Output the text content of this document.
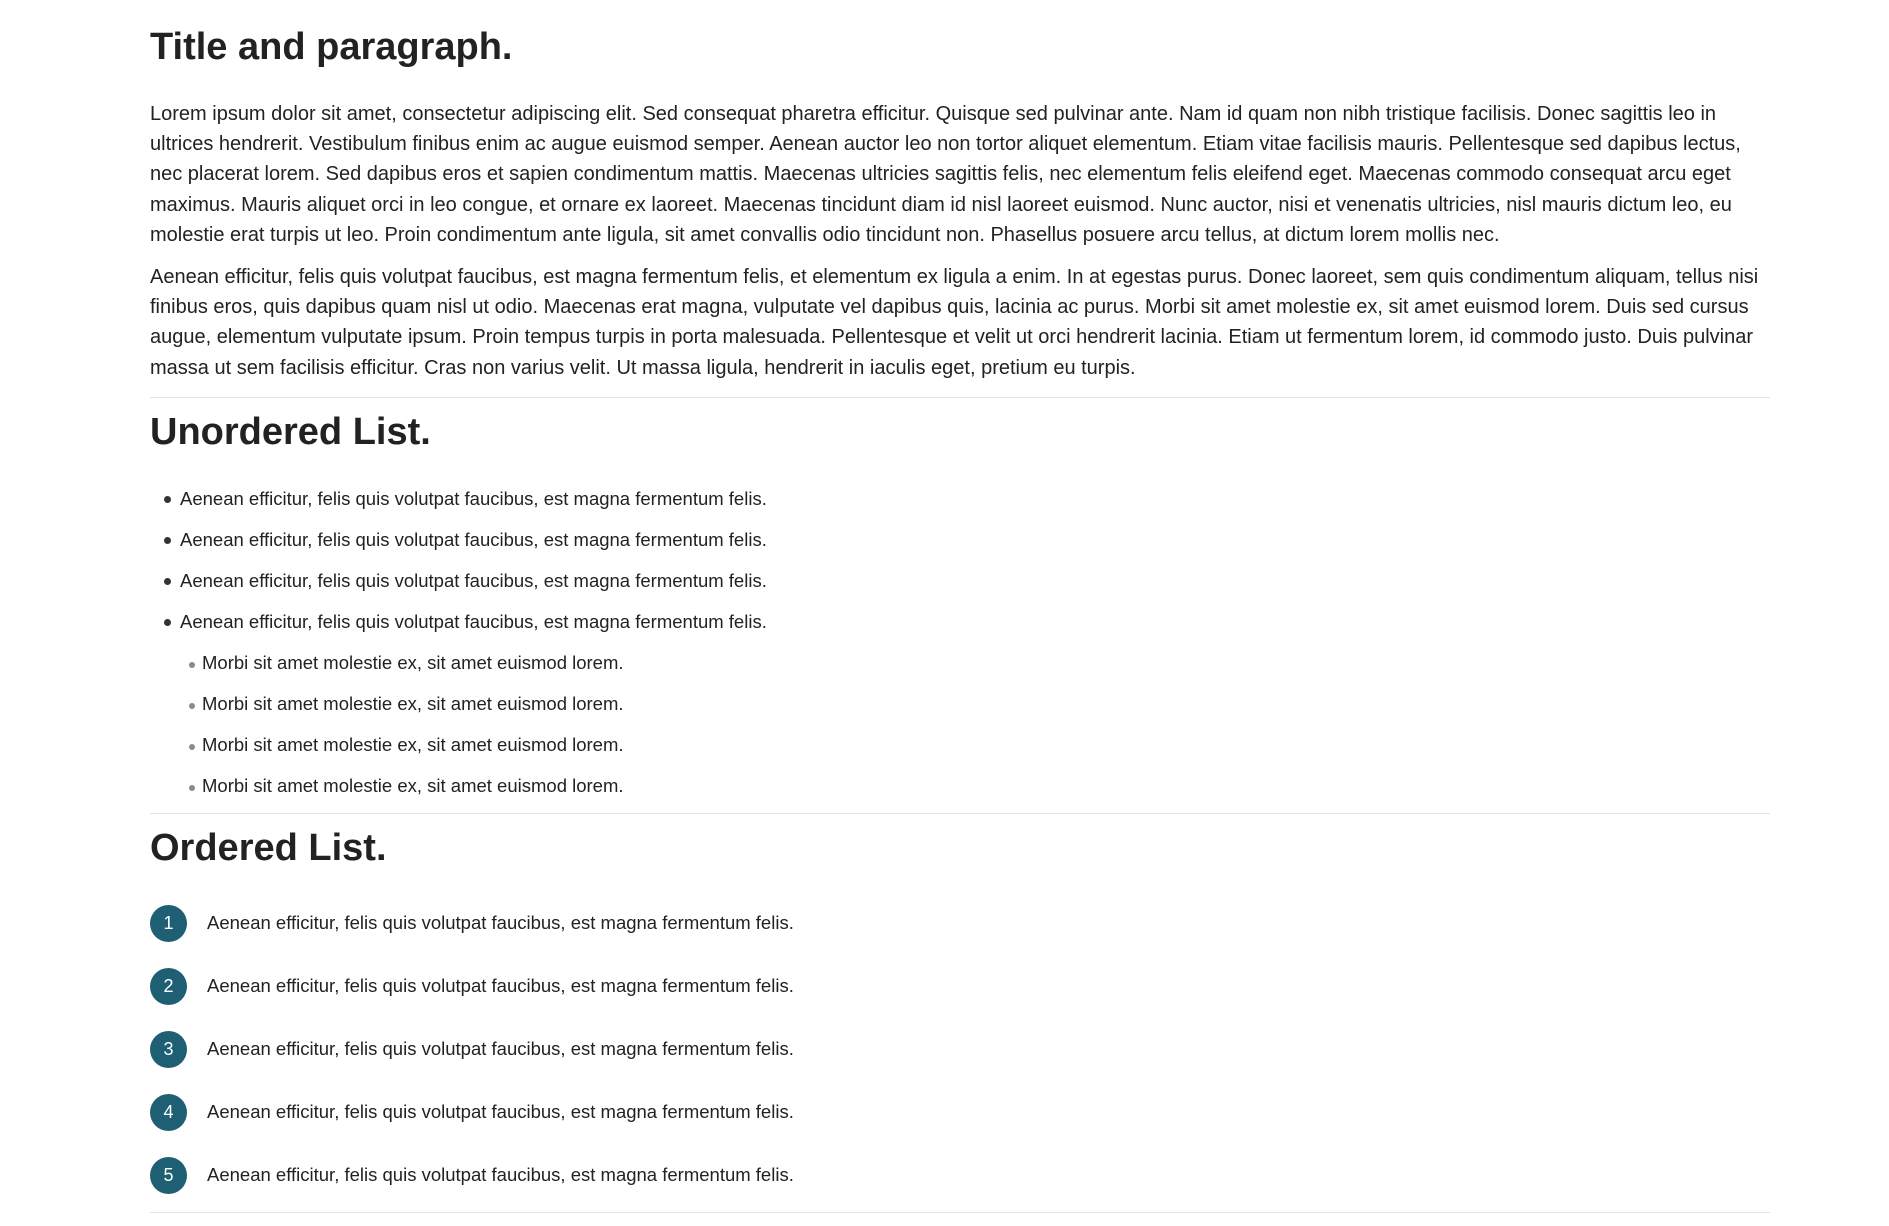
Title and paragraph.

Lorem ipsum dolor sit amet, consectetur adipiscing elit. Sed consequat pharetra efficitur. Quisque sed pulvinar ante. Nam id quam non nibh tristique facilisis. Donec sagittis leo in ultrices hendrerit. Vestibulum finibus enim ac augue euismod semper. Aenean auctor leo non tortor aliquet elementum. Etiam vitae facilisis mauris. Pellentesque sed dapibus lectus, nec placerat lorem. Sed dapibus eros et sapien condimentum mattis. Maecenas ultricies sagittis felis, nec elementum felis eleifend eget. Maecenas commodo consequat arcu eget maximus. Mauris aliquet orci in leo congue, et ornare ex laoreet. Maecenas tincidunt diam id nisl laoreet euismod. Nunc auctor, nisi et venenatis ultricies, nisl mauris dictum leo, eu molestie erat turpis ut leo. Proin condimentum ante ligula, sit amet convallis odio tincidunt non. Phasellus posuere arcu tellus, at dictum lorem mollis nec.

Aenean efficitur, felis quis volutpat faucibus, est magna fermentum felis, et elementum ex ligula a enim. In at egestas purus. Donec laoreet, sem quis condimentum aliquam, tellus nisi finibus eros, quis dapibus quam nisl ut odio. Maecenas erat magna, vulputate vel dapibus quis, lacinia ac purus. Morbi sit amet molestie ex, sit amet euismod lorem. Duis sed cursus augue, elementum vulputate ipsum. Proin tempus turpis in porta malesuada. Pellentesque et velit ut orci hendrerit lacinia. Etiam ut fermentum lorem, id commodo justo. Duis pulvinar massa ut sem facilisis efficitur. Cras non varius velit. Ut massa ligula, hendrerit in iaculis eget, pretium eu turpis.

Unordered List.
Aenean efficitur, felis quis volutpat faucibus, est magna fermentum felis.
Aenean efficitur, felis quis volutpat faucibus, est magna fermentum felis.
Aenean efficitur, felis quis volutpat faucibus, est magna fermentum felis.
Aenean efficitur, felis quis volutpat faucibus, est magna fermentum felis.
Morbi sit amet molestie ex, sit amet euismod lorem.
Morbi sit amet molestie ex, sit amet euismod lorem.
Morbi sit amet molestie ex, sit amet euismod lorem.
Morbi sit amet molestie ex, sit amet euismod lorem.
Ordered List.
1	Aenean efficitur, felis quis volutpat faucibus, est magna fermentum felis.
2	Aenean efficitur, felis quis volutpat faucibus, est magna fermentum felis.
3	Aenean efficitur, felis quis volutpat faucibus, est magna fermentum felis.
4	Aenean efficitur, felis quis volutpat faucibus, est magna fermentum felis.
5	Aenean efficitur, felis quis volutpat faucibus, est magna fermentum felis.
